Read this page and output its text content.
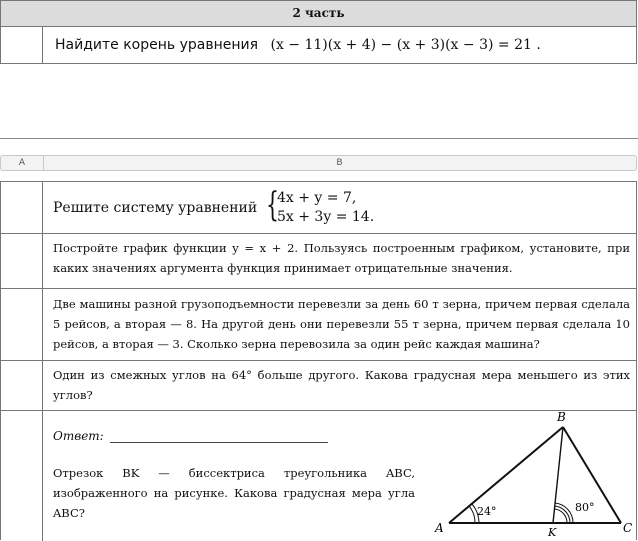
2 часть
Найдите корень уравнения (x − 11)(x + 4) − (x + 3)(x − 3) = 21 .
A	B
Решите систему уравнений {
4x + y = 7,
5x + 3y = 14.
Постройте график функции y = x + 2. Пользуясь построенным графиком, установите, при каких значениях аргумента функция принимает отрицательные значения.
Две машины разной грузоподъемности перевезли за день 60 т зерна, причем первая сделала 5 рейсов, а вторая — 8. На другой день они перевезли 55 т зерна, причем первая сделала 10 рейсов, а вторая — 3. Сколько зерна перевозила за один рейс каждая машина?
Один из смежных углов на 64° больше другого. Какова градусная мера меньшего из этих углов?
Ответ:
Отрезок BK — биссектриса треугольника ABC, изображенного на рисунке. Какова градусная мера угла ABC?
A
B
C
K
24°	80°
